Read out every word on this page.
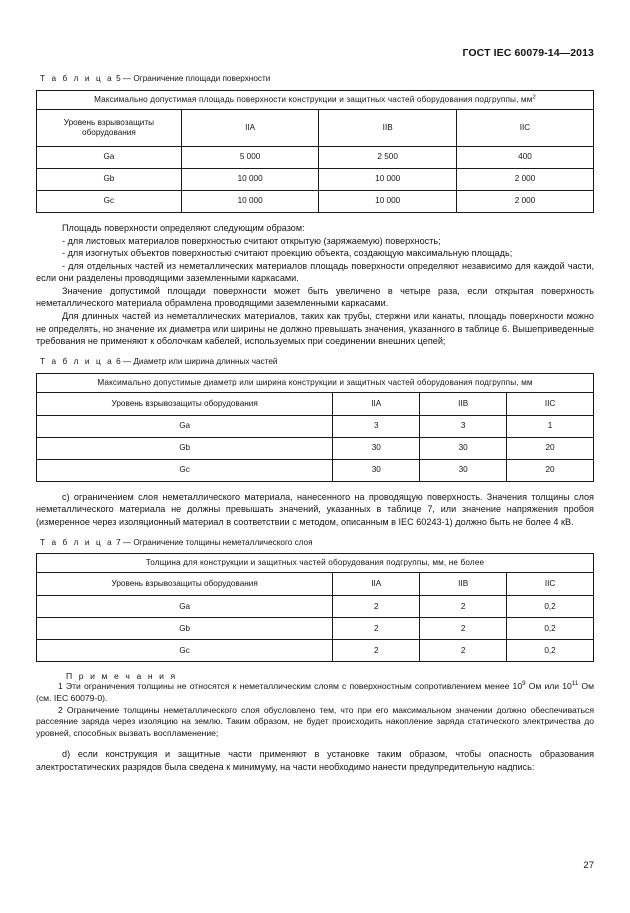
ГОСТ IEC 60079-14—2013

Т а б л и ц а 5 — Ограничение площади поверхности

Максимально допустимая площадь поверхности конструкции и защитных частей оборудования подгруппы, $мм^2$
Уровень взрывозащиты оборудования	IIA	IIB	IIC
Ga	5 000	2 500	400
Gb	10 000	10 000	2 000
Gc	10 000	10 000	2 000

Площадь поверхности определяют следующим образом:

- для листовых материалов поверхностью считают открытую (заряжаемую) поверхность;

- для изогнутых объектов поверхностью считают проекцию объекта, создающую максимальную площадь;

- для отдельных частей из неметаллических материалов площадь поверхности определяют независимо для каждой части, если они разделены проводящими заземленными каркасами.

Значение допустимой площади поверхности может быть увеличено в четыре раза, если открытая поверхность неметаллического материала обрамлена проводящими заземленными каркасами.

Для длинных частей из неметаллических материалов, таких как трубы, стержни или канаты, площадь поверхности можно не определять, но значение их диаметра или ширины не должно превышать значения, указанного в таблице 6. Вышеприведенные требования не применяют к оболочкам кабелей, используемых при соединении внешних цепей;

Т а б л и ц а 6 — Диаметр или ширина длинных частей

Максимально допустимые диаметр или ширина конструкции и защитных частей оборудования подгруппы, мм			
Уровень взрывозащиты оборудования	IIA	IIB	IIC
Ga	3	3	1
Gb	30	30	20
Gc	30	30	20

с) ограничением слоя неметаллического материала, нанесенного на проводящую поверхность. Значения толщины слоя неметаллического материала не должны превышать значений, указанных в таблице 7, или значение напряжения пробоя (измеренное через изоляционный материал в соответствии с методом, описанным в IEC 60243-1) должно быть не более 4 кВ.

Т а б л и ц а 7 — Ограничение толщины неметаллического слоя

Толщина для конструкции и защитных частей оборудования подгруппы, мм, не более			
Уровень взрывозащиты оборудования	IIA	IIB	IIC
Ga	2	2	0,2
Gb	2	2	0,2
Gc	2	2	0,2

П р и м е ч а н и я

1 Эти ограничения толщины не относятся к неметаллическим слоям с поверхностным сопротивлением менее $10^9$ Ом или $10^{11}$ Ом (см. IEC 60079-0).

2 Ограничение толщины неметаллического слоя обусловлено тем, что при его максимальном значении должно обеспечиваться рассеяние заряда через изоляцию на землю. Таким образом, не будет происходить накопление заряда статического электричества до уровней, способных вызвать воспламенение;

d) если конструкция и защитные части применяют в установке таким образом, чтобы опасность образования электростатических разрядов была сведена к минимуму, на части необходимо нанести предупредительную надпись:

27
